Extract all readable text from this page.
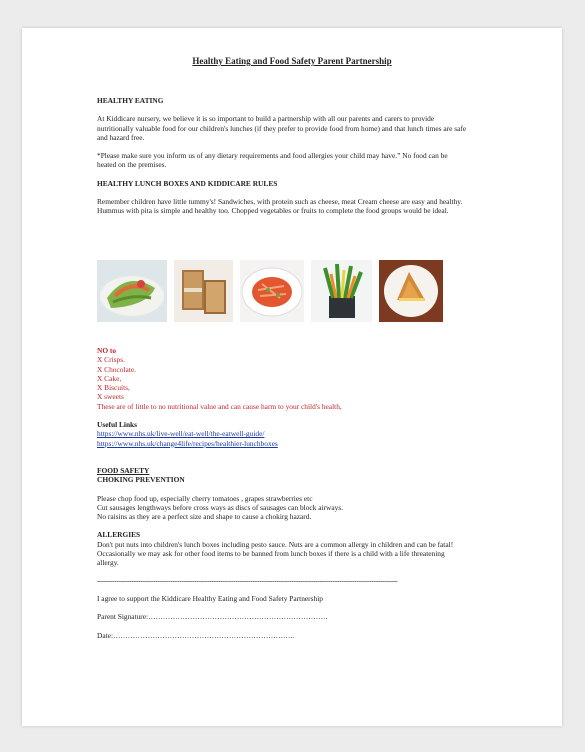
Healthy Eating and Food Safety Parent Partnership

HEALTHY EATING

At Kiddicare nursery, we believe it is so important to build a partnership with all our parents and carers to provide nutritionally valuable food for our children's lunches (if they prefer to provide food from home) and that lunch times are safe and hazard free.

*Please make sure you inform us of any dietary requirements and food allergies your child may have.” No food can be heated on the premises.

HEALTHY LUNCH BOXES AND KIDDICARE RULES

Remember children have little tummy's! Sandwiches, with protein such as cheese, meat Cream cheese are easy and healthy. Hummus with pita is simple and healthy too. Chopped vegetables or fruits to complete the food groups would be ideal.

NO to

X Crisps.

X Chocolate.

X Cake,

X Biscuits,

X sweets

These are of little to no nutritional value and can cause harm to your child's health,

Useful Links

https://www.nhs.uk/live-well/eat-well/the-eatwell-guide/
https://www.nhs.uk/change4life/recipes/healthier-lunchboxes

FOOD SAFETY

CHOKING PREVENTION

Please chop food up, especially cherry tomatoes , grapes strawberries etc

Cut sausages lengthways before cross ways as discs of sausages can block airways.

No raisins as they are a perfect size and shape to cause a chokirg hazard.

ALLERGIES

Don't put nuts into children's lunch boxes including pesto sauce. Nuts are a common allergy in children and can be fatal!

Occasionally we may ask for other food items to be banned from lunch boxes if there is a child with a life threatening allergy.

-------------------------------------------------------------------------------------------------------------------------------------------

I agree to support the Kiddicare Healthy Eating and Food Safety Partnership

Parent Signature:……………………………………………………………….

Date:………………………………………………………………..
